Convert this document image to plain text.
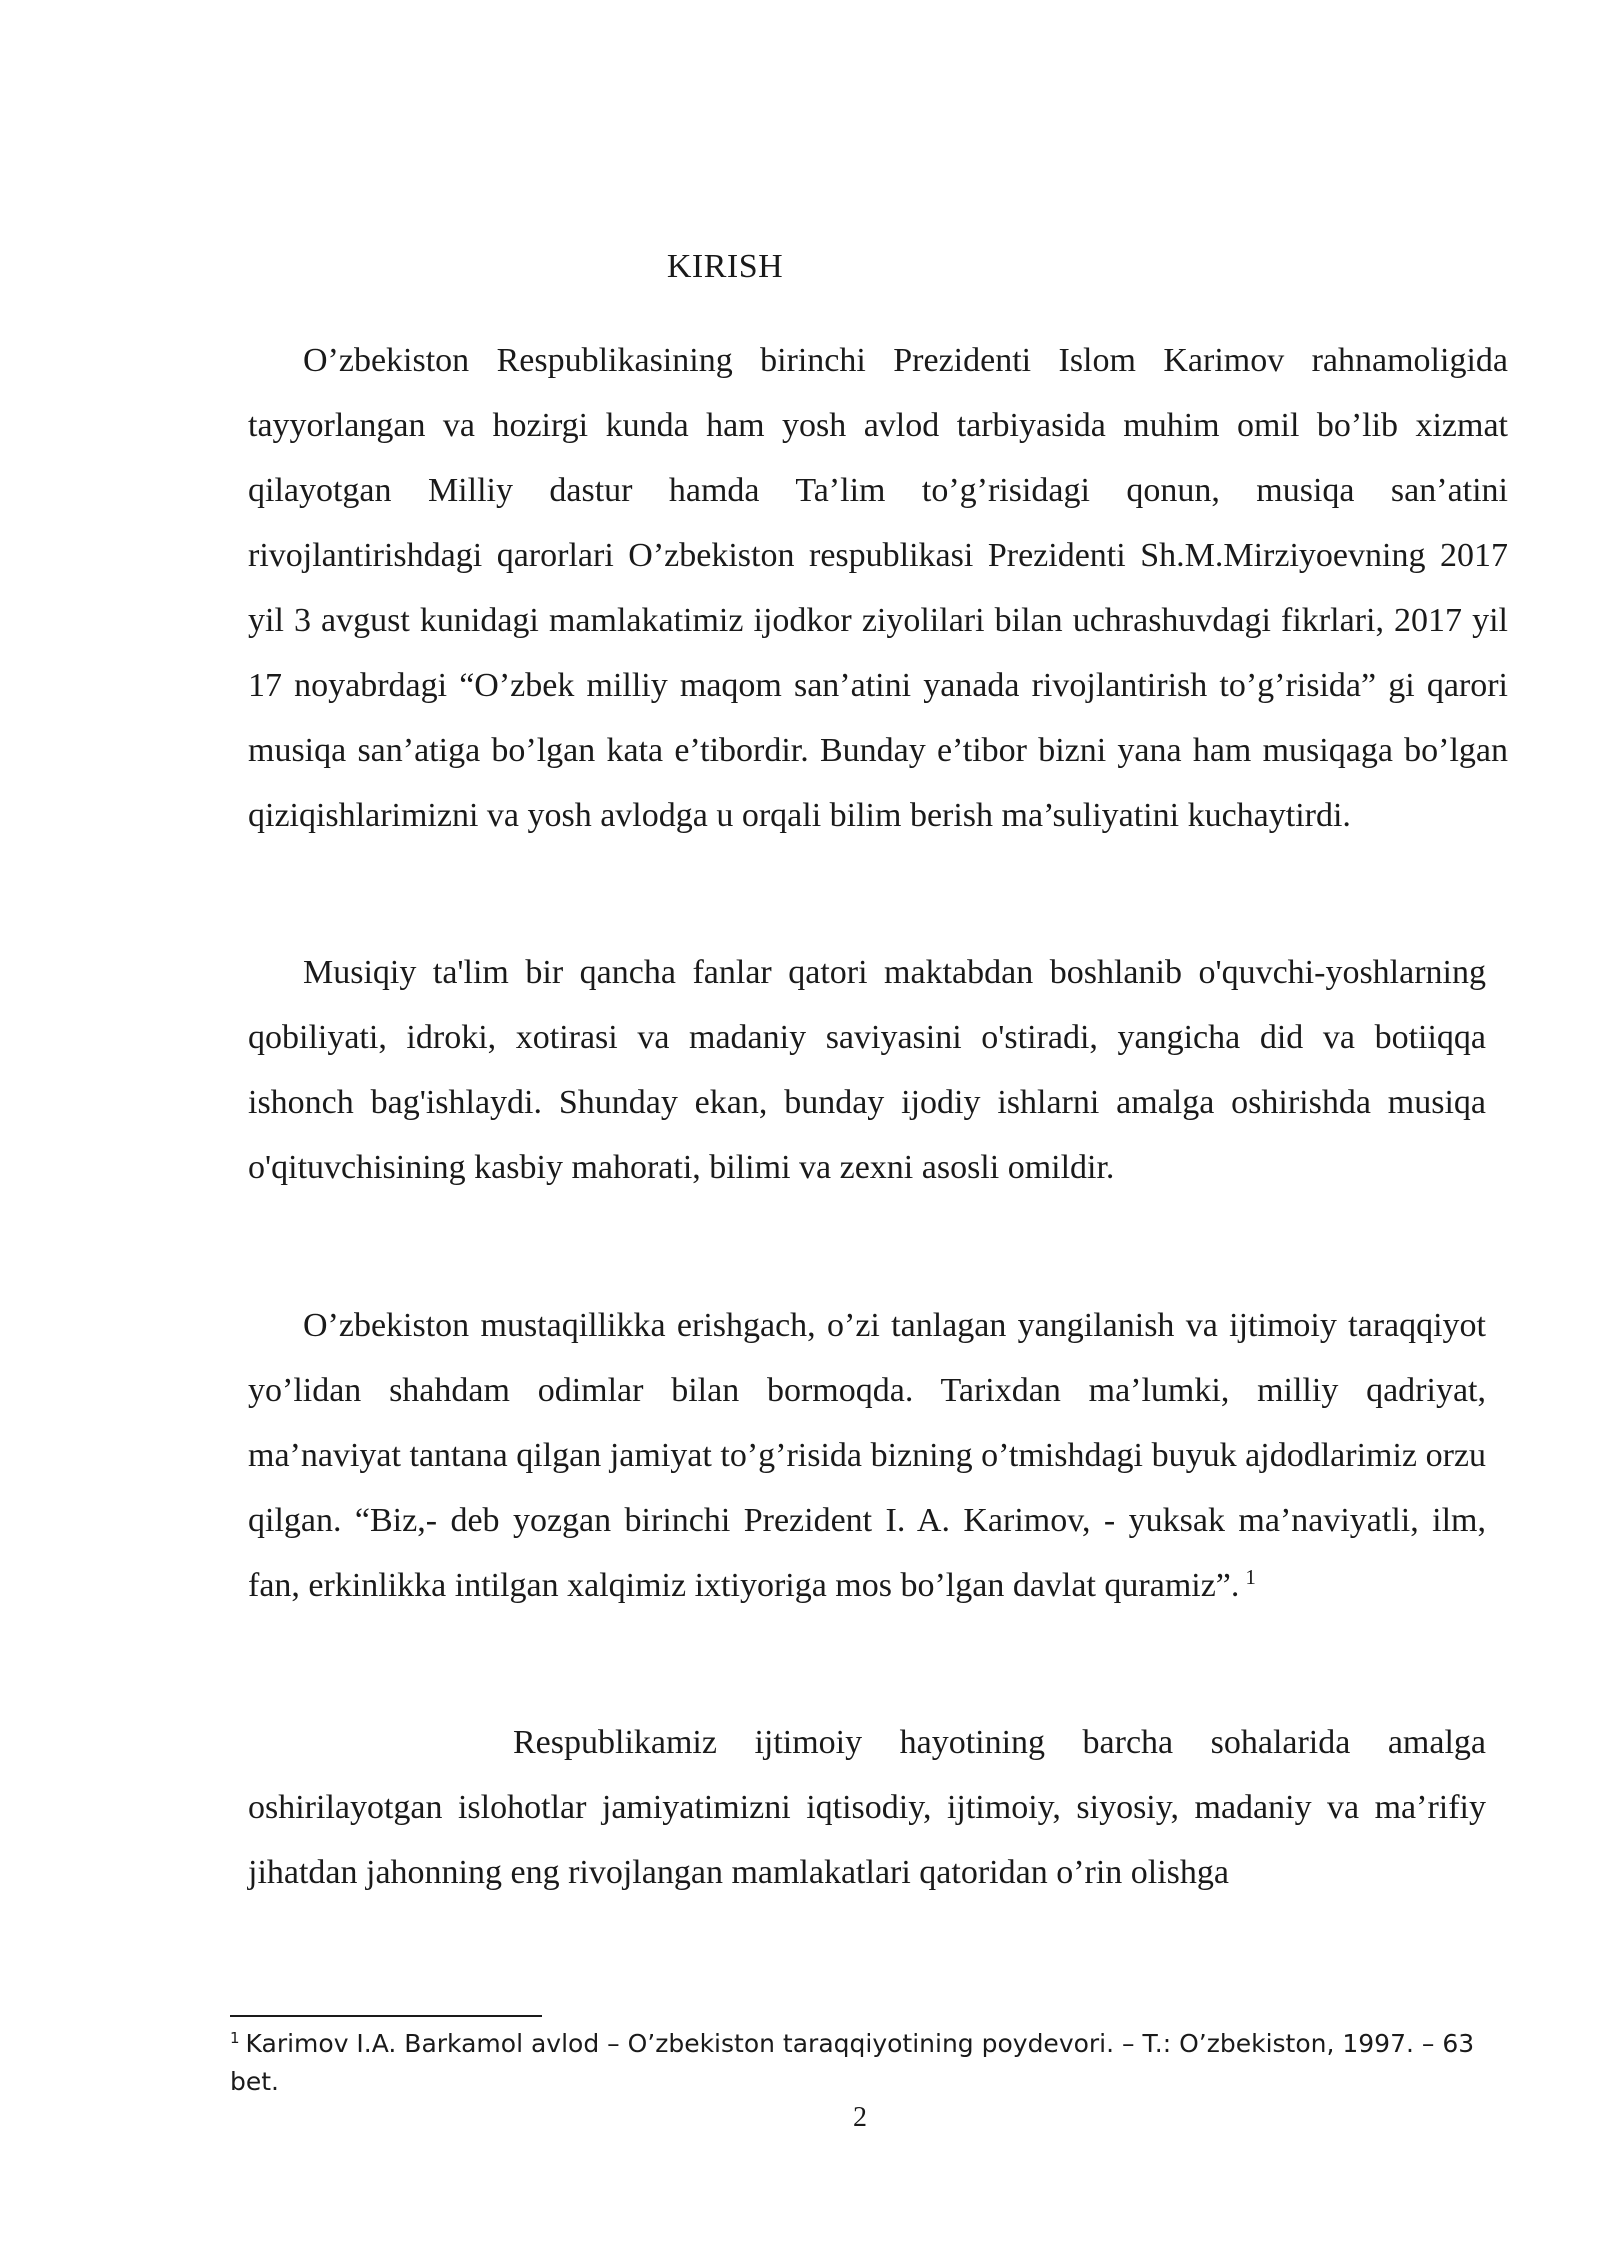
KIRISH

O’zbekiston Respublikasining birinchi Prezidenti Islom Karimov rahnamoligida tayyorlangan va hozirgi kunda ham yosh avlod tarbiyasida muhim omil bo’lib xizmat qilayotgan Milliy dastur hamda Ta’lim to’g’risidagi qonun, musiqa san’atini rivojlantirishdagi qarorlari O’zbekiston respublikasi Prezidenti Sh.M.Mirziyoevning 2017 yil 3 avgust kunidagi mamlakatimiz ijodkor ziyolilari bilan uchrashuvdagi fikrlari, 2017 yil 17 noyabrdagi “O’zbek milliy maqom san’atini yanada rivojlantirish to’g’risida” gi qarori musiqa san’atiga bo’lgan kata e’tibordir. Bunday e’tibor bizni yana ham musiqaga bo’lgan qiziqishlarimizni va yosh avlodga u orqali bilim berish ma’suliyatini kuchaytirdi.

Musiqiy ta'lim bir qancha fanlar qatori maktabdan boshlanib o'quvchi-yoshlarning qobiliyati, idroki, xotirasi va madaniy saviyasini o'stiradi, yangicha did va botiiqqa ishonch bag'ishlaydi. Shunday ekan, bunday ijodiy ishlarni amalga oshirishda musiqa o'qituvchisining kasbiy mahorati, bilimi va zexni asosli omildir.

O’zbekiston mustaqillikka erishgach, o’zi tanlagan yangilanish va ijtimoiy taraqqiyot yo’lidan shahdam odimlar bilan bormoqda. Tarixdan ma’lumki, milliy qadriyat, ma’naviyat tantana qilgan jamiyat to’g’risida bizning o’tmishdagi buyuk ajdodlarimiz orzu qilgan. “Biz,- deb yozgan birinchi Prezident I. A. Karimov, - yuksak ma’naviyatli, ilm, fan, erkinlikka intilgan xalqimiz ixtiyoriga mos bo’lgan davlat quramiz”. $^1$

Respublikamiz ijtimoiy hayotining barcha sohalarida amalga oshirilayotgan islohotlar jamiyatimizni iqtisodiy, ijtimoiy, siyosiy, madaniy va ma’rifiy jihatdan jahonning eng rivojlangan mamlakatlari qatoridan o’rin olishga

$^1$ Karimov I.A. Barkamol avlod – O’zbekiston taraqqiyotining poydevori. – T.: O’zbekiston, 1997. – 63 bet.

2
